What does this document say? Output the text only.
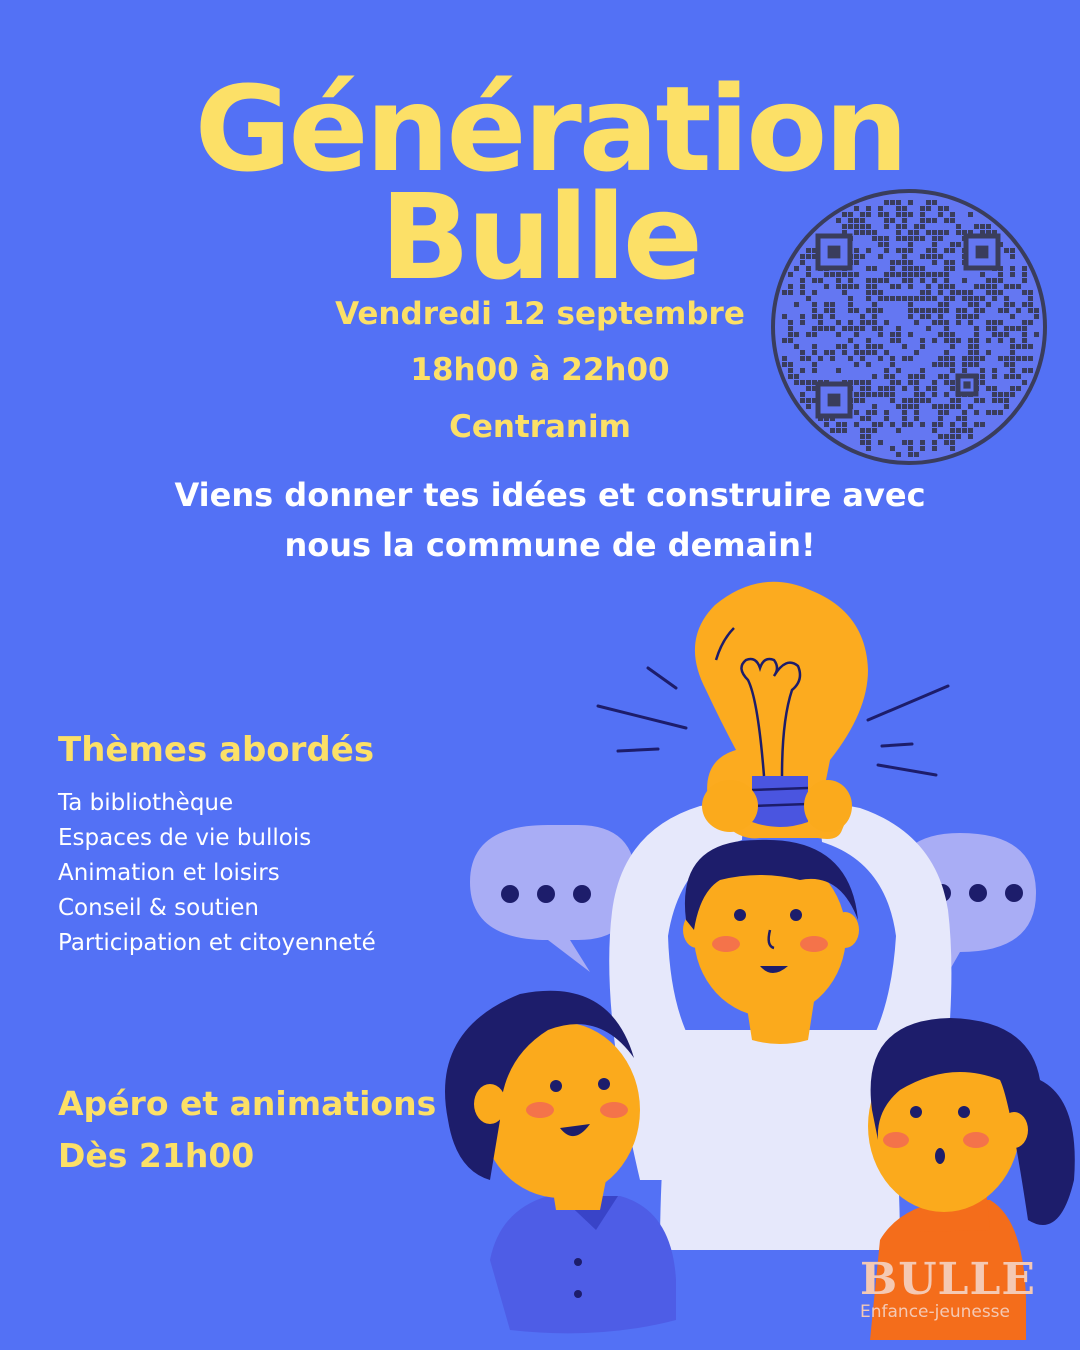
Génération
Bulle
Vendredi 12 septembre
18h00 à 22h00
Centranim
Viens donner tes idées et construire avec
nous la commune de demain!
Thèmes abordés
Ta bibliothèque
Espaces de vie bullois
Animation et loisirs
Conseil & soutien
Participation et citoyenneté
Apéro et animations
Dès 21h00
BULLE
Enfance-jeunesse
